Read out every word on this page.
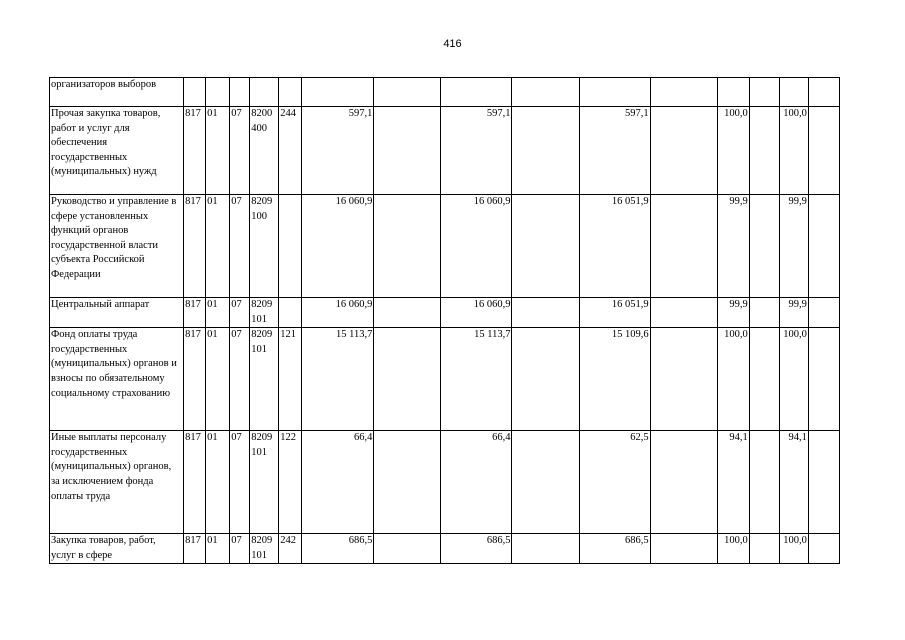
416
организаторов выборов															
Прочая закупка товаров, работ и услуг для обеспечения государственных (муниципальных) нужд	817	01	07	8200 400	244	597,1		597,1		597,1		100,0		100,0	
Руководство и управление в сфере установленных функций органов государственной власти субъекта Российской Федерации	817	01	07	8209 100		16 060,9		16 060,9		16 051,9		99,9		99,9	
Центральный аппарат	817	01	07	8209 101		16 060,9		16 060,9		16 051,9		99,9		99,9	
Фонд оплаты труда государственных (муниципальных) органов и взносы по обязательному социальному страхованию	817	01	07	8209 101	121	15 113,7		15 113,7		15 109,6		100,0		100,0	
Иные выплаты персоналу государственных (муниципальных) органов, за исключением фонда оплаты труда	817	01	07	8209 101	122	66,4		66,4		62,5		94,1		94,1	
Закупка товаров, работ, услуг в сфере	817	01	07	8209 101	242	686,5		686,5		686,5		100,0		100,0	
